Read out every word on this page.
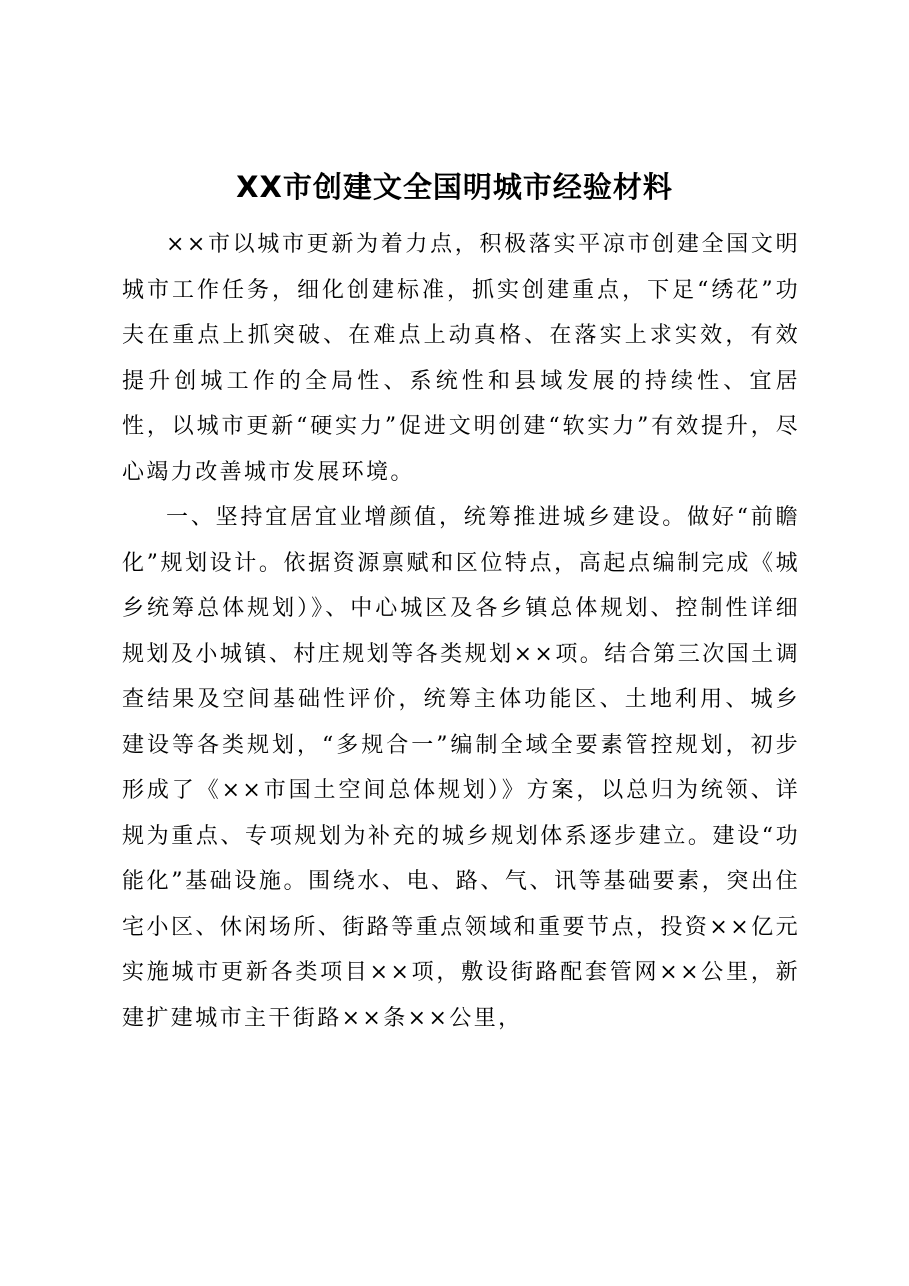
XX市创建文全国明城市经验材料

××市以城市更新为着力点，积极落实平凉市创建全国文明城市工作任务，细化创建标准，抓实创建重点，下足“绣花”功夫在重点上抓突破、在难点上动真格、在落实上求实效，有效提升创城工作的全局性、系统性和县域发展的持续性、宜居性，以城市更新“硬实力”促进文明创建“软实力”有效提升，尽心竭力改善城市发展环境。

一、坚持宜居宜业增颜值，统筹推进城乡建设。做好“前瞻化”规划设计。依据资源禀赋和区位特点，高起点编制完成《城乡统筹总体规划）》、中心城区及各乡镇总体规划、控制性详细规划及小城镇、村庄规划等各类规划××项。结合第三次国土调查结果及空间基础性评价，统筹主体功能区、土地利用、城乡建设等各类规划，“多规合一”编制全域全要素管控规划，初步形成了《××市国土空间总体规划）》方案，以总归为统领、详规为重点、专项规划为补充的城乡规划体系逐步建立。建设“功能化”基础设施。围绕水、电、路、气、讯等基础要素，突出住宅小区、休闲场所、街路等重点领域和重要节点，投资××亿元实施城市更新各类项目××项，敷设街路配套管网××公里，新建扩建城市主干街路××条××公里，
